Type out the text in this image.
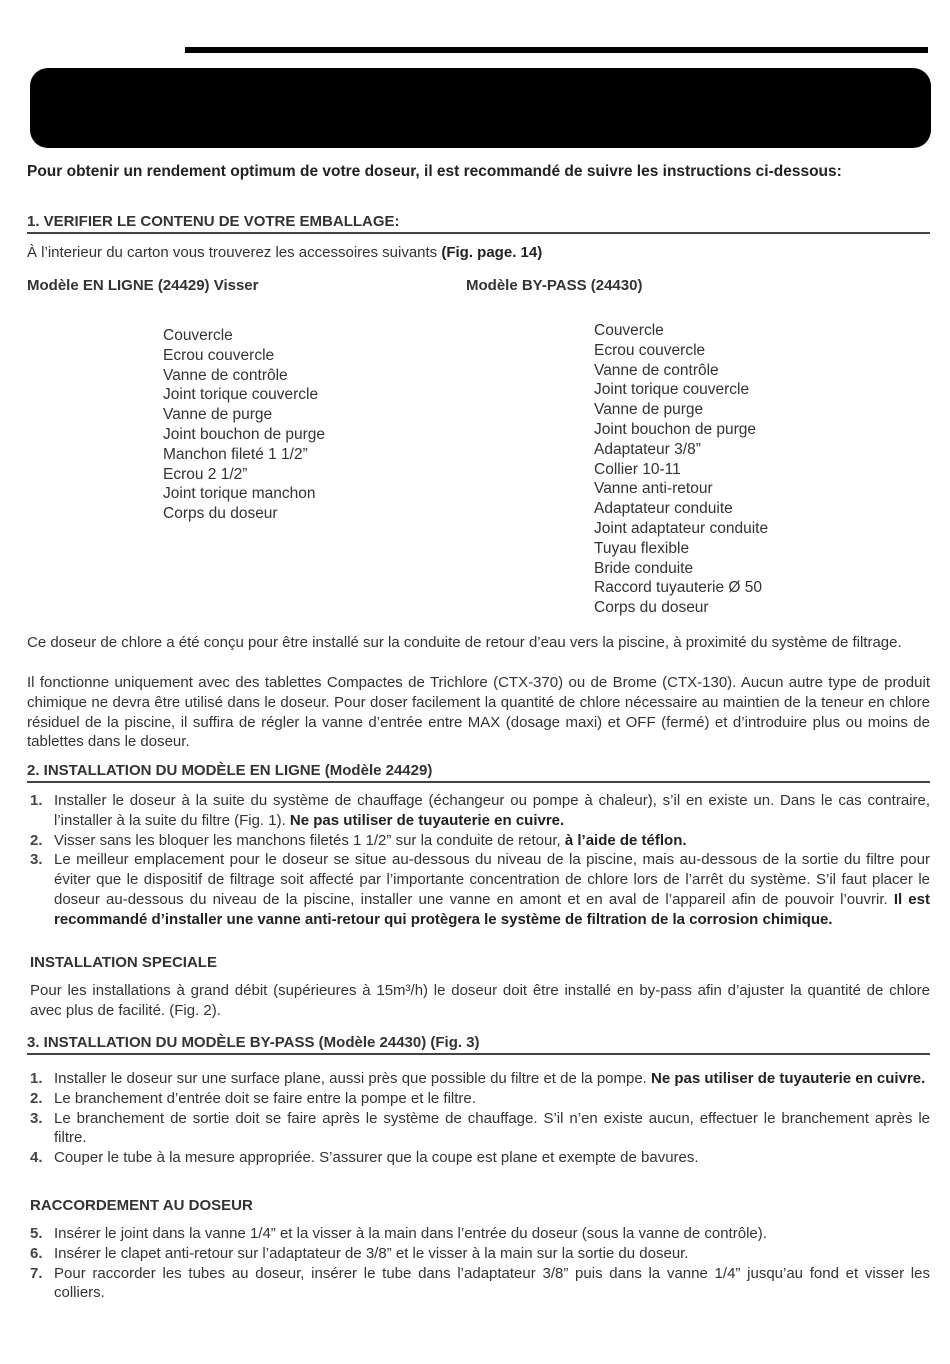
Pour obtenir un rendement optimum de votre doseur, il est recommandé de suivre les instructions ci-dessous:
1. VERIFIER LE CONTENU DE VOTRE EMBALLAGE:
À l’interieur du carton vous trouverez les accessoires suivants (Fig. page. 14)
Modèle EN LIGNE (24429) Visser	Modèle BY-PASS (24430)
Couvercle
Ecrou couvercle
Vanne de contrôle
Joint torique couvercle
Vanne de purge
Joint bouchon de purge
Manchon fileté 1 1/2”
Ecrou 2 1/2”
Joint torique manchon
Corps du doseur
Couvercle
Ecrou couvercle
Vanne de contrôle
Joint torique couvercle
Vanne de purge
Joint bouchon de purge
Adaptateur 3/8”
Collier 10-11
Vanne anti-retour
Adaptateur conduite
Joint adaptateur conduite
Tuyau flexible
Bride conduite
Raccord tuyauterie Ø 50
Corps du doseur

Ce doseur de chlore a été conçu pour être installé sur la conduite de retour d’eau vers la piscine, à proximité du système de filtrage.

Il fonctionne uniquement avec des tablettes Compactes de Trichlore (CTX-370) ou de Brome (CTX-130). Aucun autre type de produit chimique ne devra être utilisé dans le doseur. Pour doser facilement la quantité de chlore nécessaire au maintien de la teneur en chlore résiduel de la piscine, il suffira de régler la vanne d’entrée entre MAX (dosage maxi) et OFF (fermé) et d’introduire plus ou moins de tablettes dans le doseur.

2. INSTALLATION DU MODÈLE EN LIGNE (Modèle 24429)
1. Installer le doseur à la suite du système de chauffage (échangeur ou pompe à chaleur), s’il en existe un. Dans le cas contraire, l’installer à la suite du filtre (Fig. 1). Ne pas utiliser de tuyauterie en cuivre.
2. Visser sans les bloquer les manchons filetés 1 1/2” sur la conduite de retour, à l’aide de téflon.
3. Le meilleur emplacement pour le doseur se situe au-dessous du niveau de la piscine, mais au-dessous de la sortie du filtre pour éviter que le dispositif de filtrage soit affecté par l’importante concentration de chlore lors de l’arrêt du système. S’il faut placer le doseur au-dessous du niveau de la piscine, installer une vanne en amont et en aval de l’appareil afin de pouvoir l’ouvrir. Il est recommandé d’installer une vanne anti-retour qui protègera le système de filtration de la corrosion chimique.
INSTALLATION SPECIALE

Pour les installations à grand débit (supérieures à 15m³/h) le doseur doit être installé en by-pass afin d’ajuster la quantité de chlore avec plus de facilité. (Fig. 2).

3. INSTALLATION DU MODÈLE BY-PASS (Modèle 24430) (Fig. 3)
1. Installer le doseur sur une surface plane, aussi près que possible du filtre et de la pompe. Ne pas utiliser de tuyauterie en cuivre.
2. Le branchement d’entrée doit se faire entre la pompe et le filtre.
3. Le branchement de sortie doit se faire après le système de chauffage. S’il n’en existe aucun, effectuer le branchement après le filtre.
4. Couper le tube à la mesure appropriée. S’assurer que la coupe est plane et exempte de bavures.
RACCORDEMENT AU DOSEUR
5. Insérer le joint dans la vanne 1/4” et la visser à la main dans l’entrée du doseur (sous la vanne de contrôle).
6. Insérer le clapet anti-retour sur l’adaptateur de 3/8” et le visser à la main sur la sortie du doseur.
7. Pour raccorder les tubes au doseur, insérer le tube dans l’adaptateur 3/8” puis dans la vanne 1/4” jusqu’au fond et visser les colliers.
